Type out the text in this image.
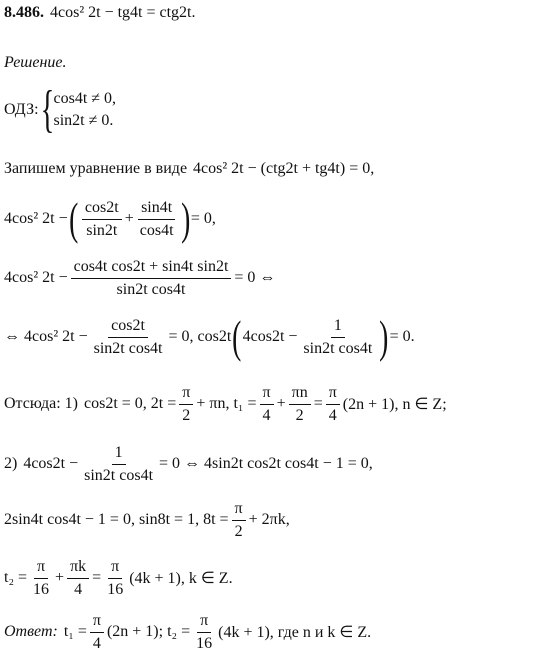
8.486. 4cos² 2t − tg4t = ctg2t.
Решение.
ОДЗ: { cos4t ≠ 0,
sin2t ≠ 0.
Запишем уравнение в виде 4cos² 2t − (ctg2t + tg4t) = 0,
4cos² 2t − ( $\frac{\cos 2t}{\sin 2t} + \frac{\sin 4t}{\cos 4t}$ ) = 0,
4cos² $2t - \frac{\text{cos4t cos2t + sin4t sin2t}}{\text{sin2t cos4t}} = 0$ ⇔
⇔ 4cos² $2t - \frac{\cos 2t}{\text{sin2t cos4t}} = 0$, cos2t ( $4\cos 2t - \frac{1}{\text{sin2t cos4t}}$ ) = 0.
Отсюда: 1) cos2t = 0, $2t = \frac{\pi}{2} + \pi n$, $t_1 = \frac{\pi}{4} + \frac{\pi n}{2} = \frac{\pi}{4} (2n + 1)$, n ∈ Z;
2) $4\cos 2t - \frac{1}{\text{sin2t cos4t}} = 0$ ⇔ 4sin2t cos2t cos4t − 1 = 0,
2sin4t cos4t − 1 = 0, sin8t = 1, $8t = \frac{\pi}{2} + 2\pi k$,
$t_2 = \frac{\pi}{16} + \frac{\pi k}{4} = \frac{\pi}{16} (4k + 1)$, k ∈ Z.
Ответ: $t_1 = \frac{\pi}{4} (2n + 1)$; $t_2 = \frac{\pi}{16} (4k + 1)$, где n и k ∈ Z.
